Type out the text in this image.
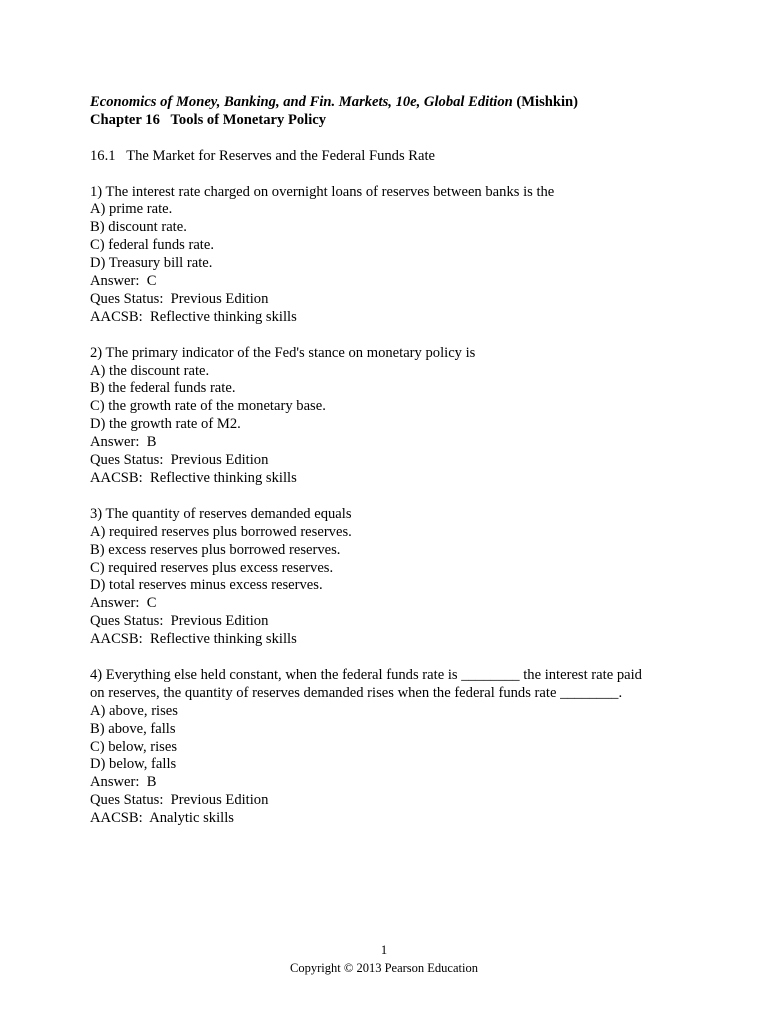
Economics of Money, Banking, and Fin. Markets, 10e, Global Edition (Mishkin)
Chapter 16   Tools of Monetary Policy
16.1   The Market for Reserves and the Federal Funds Rate
1) The interest rate charged on overnight loans of reserves between banks is the
A) prime rate.
B) discount rate.
C) federal funds rate.
D) Treasury bill rate.
Answer:  C
Ques Status:  Previous Edition
AACSB:  Reflective thinking skills
2) The primary indicator of the Fed's stance on monetary policy is
A) the discount rate.
B) the federal funds rate.
C) the growth rate of the monetary base.
D) the growth rate of M2.
Answer:  B
Ques Status:  Previous Edition
AACSB:  Reflective thinking skills
3) The quantity of reserves demanded equals
A) required reserves plus borrowed reserves.
B) excess reserves plus borrowed reserves.
C) required reserves plus excess reserves.
D) total reserves minus excess reserves.
Answer:  C
Ques Status:  Previous Edition
AACSB:  Reflective thinking skills
4) Everything else held constant, when the federal funds rate is ________ the interest rate paid
on reserves, the quantity of reserves demanded rises when the federal funds rate ________.
A) above, rises
B) above, falls
C) below, rises
D) below, falls
Answer:  B
Ques Status:  Previous Edition
AACSB:  Analytic skills
1
Copyright © 2013 Pearson Education
